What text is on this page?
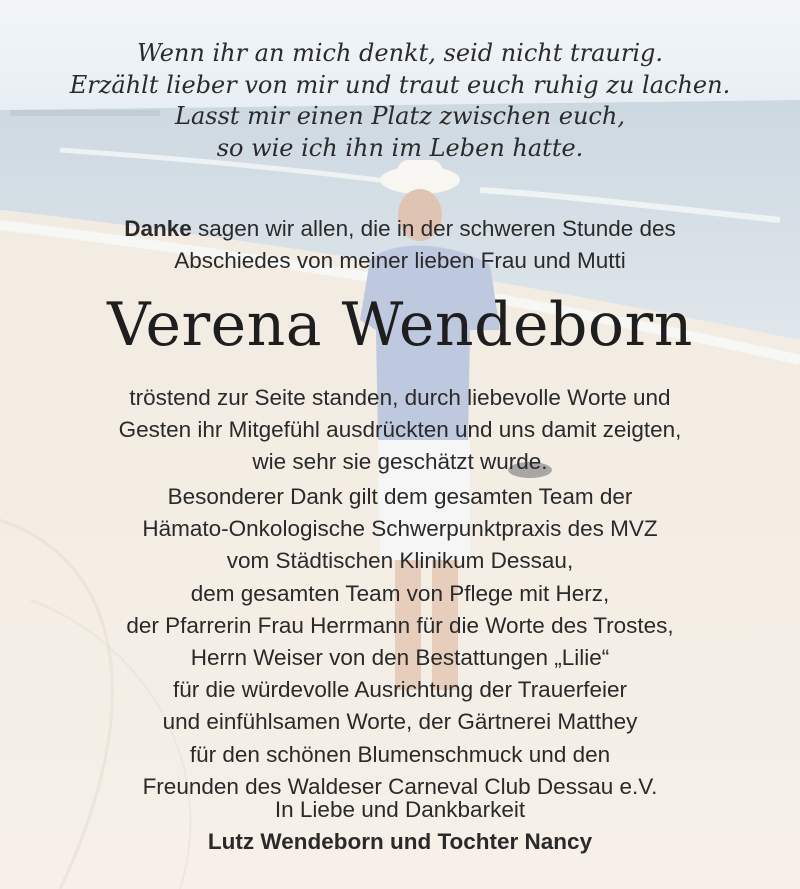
Wenn ihr an mich denkt, seid nicht traurig.
Erzählt lieber von mir und traut euch ruhig zu lachen.
Lasst mir einen Platz zwischen euch,
so wie ich ihn im Leben hatte.
Danke sagen wir allen, die in der schweren Stunde des
Abschiedes von meiner lieben Frau und Mutti
Verena Wendeborn
tröstend zur Seite standen, durch liebevolle Worte und
Gesten ihr Mitgefühl ausdrückten und uns damit zeigten,
wie sehr sie geschätzt wurde.
Besonderer Dank gilt dem gesamten Team der
Hämato-Onkologische Schwerpunktpraxis des MVZ
vom Städtischen Klinikum Dessau,
dem gesamten Team von Pflege mit Herz,
der Pfarrerin Frau Herrmann für die Worte des Trostes,
Herrn Weiser von den Bestattungen „Lilie“
für die würdevolle Ausrichtung der Trauerfeier
und einfühlsamen Worte, der Gärtnerei Matthey
für den schönen Blumenschmuck und den
Freunden des Waldeser Carneval Club Dessau e.V.
In Liebe und Dankbarkeit
Lutz Wendeborn und Tochter Nancy
